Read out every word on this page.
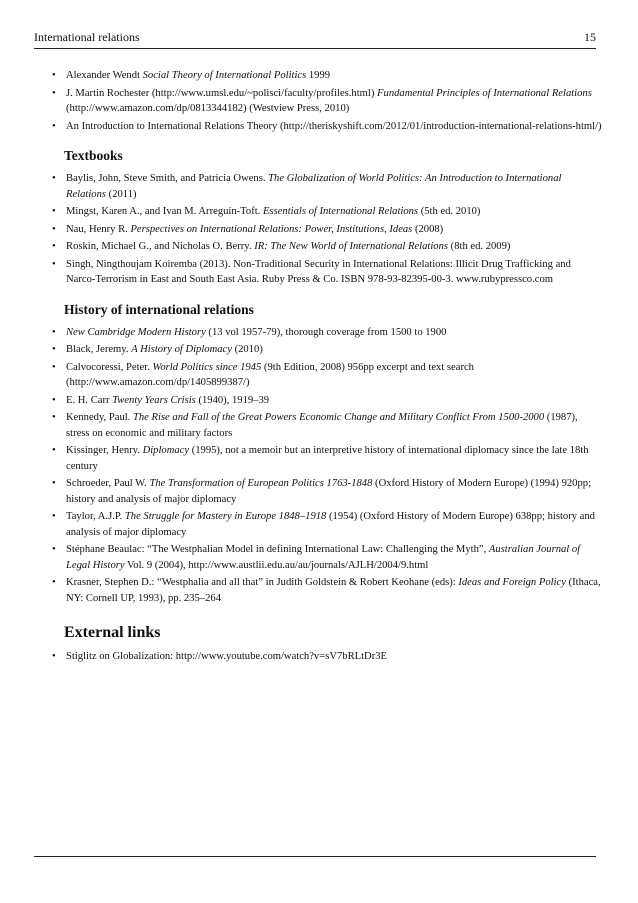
International relations	15
• Alexander Wendt Social Theory of International Politics 1999
• J. Martin Rochester (http://www.umsl.edu/~polisci/faculty/profiles.html) Fundamental Principles of International Relations (http://www.amazon.com/dp/0813344182) (Westview Press, 2010)
• An Introduction to International Relations Theory (http://theriskyshift.com/2012/01/introduction-international-relations-html/)
Textbooks
• Baylis, John, Steve Smith, and Patricia Owens. The Globalization of World Politics: An Introduction to International Relations (2011)
• Mingst, Karen A., and Ivan M. Arreguín-Toft. Essentials of International Relations (5th ed. 2010)
• Nau, Henry R. Perspectives on International Relations: Power, Institutions, Ideas (2008)
• Roskin, Michael G., and Nicholas O. Berry. IR: The New World of International Relations (8th ed. 2009)
• Singh, Ningthoujam Koiremba (2013). Non-Traditional Security in International Relations: Illicit Drug Trafficking and Narco-Terrorism in East and South East Asia. Ruby Press & Co. ISBN 978-93-82395-00-3. www.rubypressco.com
History of international relations
• New Cambridge Modern History (13 vol 1957-79), thorough coverage from 1500 to 1900
• Black, Jeremy. A History of Diplomacy (2010)
• Calvocoressi, Peter. World Politics since 1945 (9th Edition, 2008) 956pp excerpt and text search (http://www.amazon.com/dp/1405899387/)
• E. H. Carr Twenty Years Crisis (1940), 1919–39
• Kennedy, Paul. The Rise and Fall of the Great Powers Economic Change and Military Conflict From 1500-2000 (1987), stress on economic and military factors
• Kissinger, Henry. Diplomacy (1995), not a memoir but an interpretive history of international diplomacy since the late 18th century
• Schroeder, Paul W. The Transformation of European Politics 1763-1848 (Oxford History of Modern Europe) (1994) 920pp; history and analysis of major diplomacy
• Taylor, A.J.P. The Struggle for Mastery in Europe 1848–1918 (1954) (Oxford History of Modern Europe) 638pp; history and analysis of major diplomacy
• Stéphane Beaulac: “The Westphalian Model in defining International Law: Challenging the Myth”, Australian Journal of Legal History Vol. 9 (2004), http://www.austlii.edu.au/au/journals/AJLH/2004/9.html
• Krasner, Stephen D.: “Westphalia and all that” in Judith Goldstein & Robert Keohane (eds): Ideas and Foreign Policy (Ithaca, NY: Cornell UP, 1993), pp. 235–264
External links
• Stiglitz on Globalization: http://www.youtube.com/watch?v=sV7bRLtDr3E
